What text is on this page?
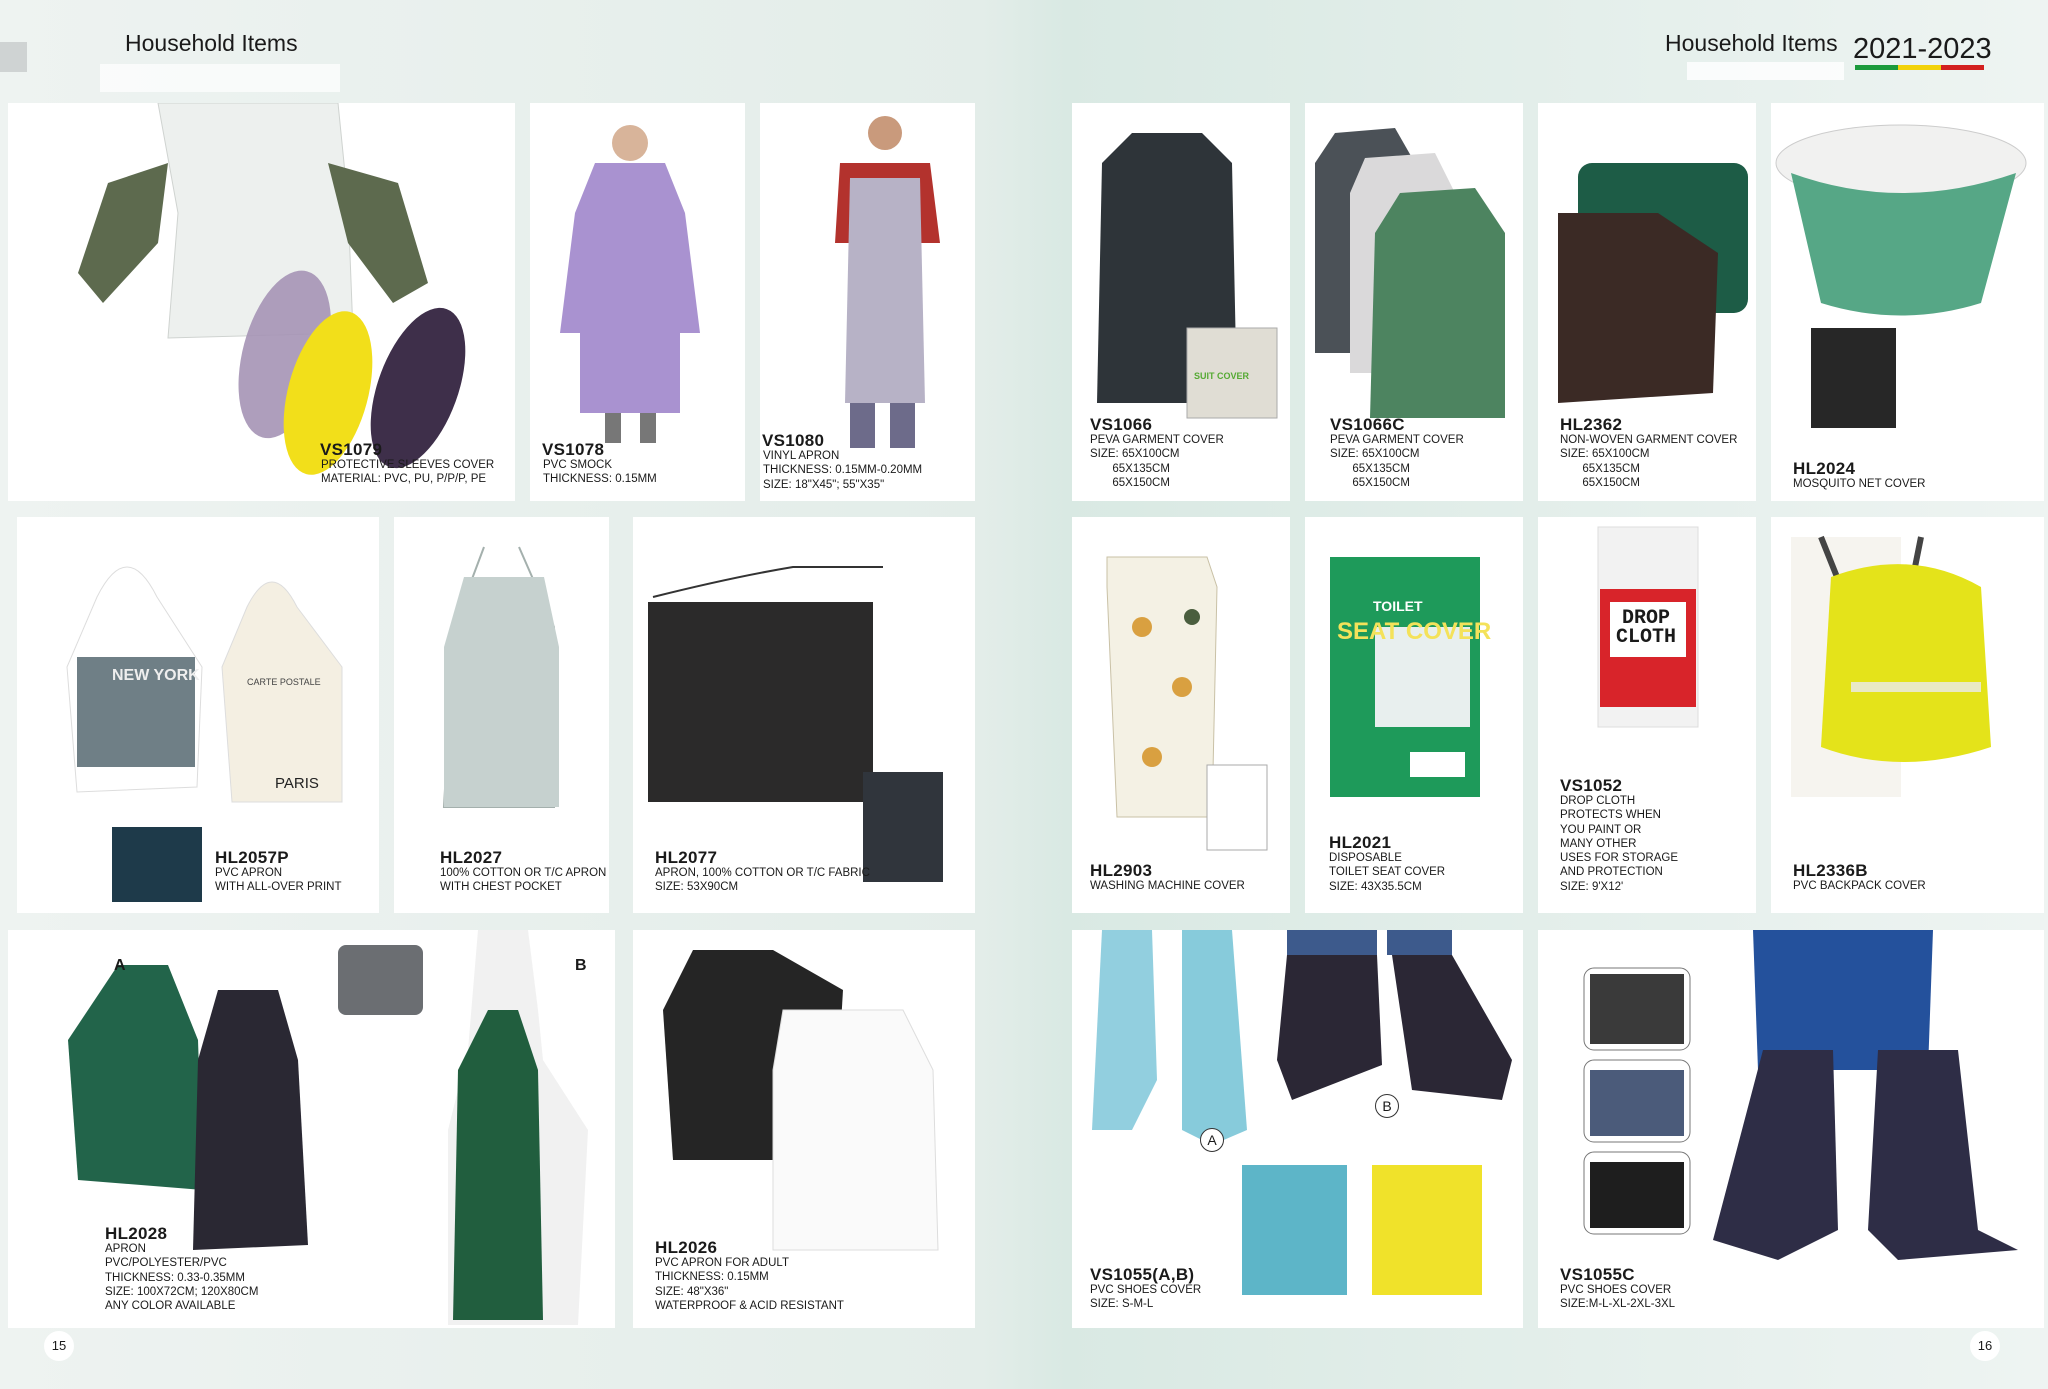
Household Items	Household Items 2021-2023
VS1079
PROTECTIVE SLEEVES COVER
MATERIAL: PVC, PU, P/P/P, PE
VS1078
PVC SMOCK
THICKNESS: 0.15MM
VS1080
VINYL APRON
THICKNESS: 0.15MM-0.20MM
SIZE: 18"X45"; 55"X35"
NEW YORK	CARTE POSTALE
PARIS
HL2057P
PVC APRON
WITH ALL-OVER PRINT
HL2027
100% COTTON OR T/C APRON
WITH CHEST POCKET
HL2077
APRON, 100% COTTON OR T/C FABRIC
SIZE: 53X90CM
A	B
HL2028
APRON
PVC/POLYESTER/PVC
THICKNESS: 0.33-0.35MM
SIZE: 100X72CM; 120X80CM
ANY COLOR AVAILABLE
HL2026
PVC APRON FOR ADULT
THICKNESS: 0.15MM
SIZE: 48"X36"
WATERPROOF & ACID RESISTANT
15
SUIT COVER
VS1066
PEVA GARMENT COVER
SIZE: 65X100CM
65X135CM
65X150CM
VS1066C
PEVA GARMENT COVER
SIZE: 65X100CM
65X135CM
65X150CM
HL2362
NON-WOVEN GARMENT COVER
SIZE: 65X100CM
65X135CM
65X150CM
HL2024
MOSQUITO NET COVER
HL2903
WASHING MACHINE COVER
TOILET
SEAT COVER
HL2021
DISPOSABLE
TOILET SEAT COVER
SIZE: 43X35.5CM
DROP
CLOTH
VS1052
DROP CLOTH
PROTECTS WHEN
YOU PAINT OR
MANY OTHER
USES FOR STORAGE
AND PROTECTION
SIZE: 9'X12'
HL2336B
PVC BACKPACK COVER
A
B
VS1055(A,B)
PVC SHOES COVER
SIZE: S-M-L
VS1055C
PVC SHOES COVER
SIZE:M-L-XL-2XL-3XL
16
